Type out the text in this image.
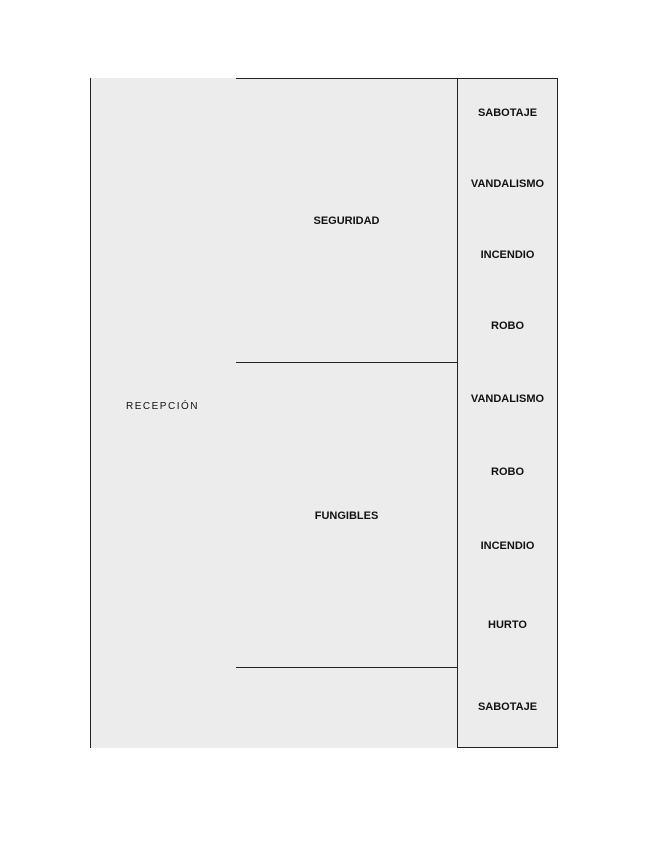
RECEPCIÓN
SEGURIDAD
FUNGIBLES
SABOTAJE
VANDALISMO
INCENDIO
ROBO
VANDALISMO
ROBO
INCENDIO
HURTO
SABOTAJE
